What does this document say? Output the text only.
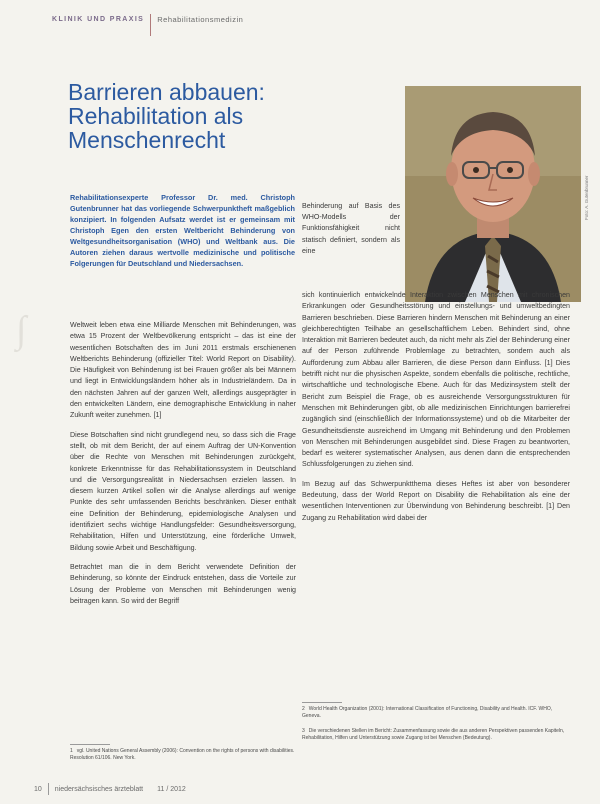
∫
KLINIK UND PRAXIS Rehabilitationsmedizin
Barrieren abbauen:
Rehabilitation als Menschenrecht
Foto: A. Gutenbrunner
Rehabilitationsexperte Professor Dr. med. Christoph Gutenbrunner hat das vorliegende Schwerpunktheft maßgeblich konzipiert. In folgenden Aufsatz werdet ist er gemeinsam mit Christoph Egen den ersten Weltbericht Behinderung von Weltgesundheitsorganisation (WHO) und Weltbank aus. Die Autoren ziehen daraus wertvolle medizinische und politische Folgerungen für Deutschland und Niedersachsen.
Behinderung auf Basis des WHO-Modells der Funktionsfähigkeit nicht statisch definiert, sondern als eine

Weltweit leben etwa eine Milliarde Menschen mit Behinderungen, was etwa 15 Prozent der Weltbevölkerung entspricht – das ist eine der wesentlichen Botschaften des im Juni 2011 erstmals erschienenen Weltberichts Behinderung (offizieller Titel: World Report on Disability). Die Häufigkeit von Behinderung ist bei Frauen größer als bei Männern und liegt in Entwicklungsländern höher als in Industrieländern. Da in den nächsten Jahren auf der ganzen Welt, allerdings ausgeprägter in den entwickelten Ländern, eine demographische Entwicklung in naher Zukunft weiter zunehmen. [1]

Diese Botschaften sind nicht grundlegend neu, so dass sich die Frage stellt, ob mit dem Bericht, der auf einem Auftrag der UN-Konvention über die Rechte von Menschen mit Behinderungen zurückgeht, konkrete Erkenntnisse für das Rehabilitationssystem in Deutschland und die Versorgungsrealität in Niedersachsen erzielen lassen. In diesem kurzen Artikel sollen wir die Analyse allerdings auf wenige Punkte des sehr umfassenden Berichts beschränken. Dieser enthält eine Definition der Behinderung, epidemiologische Analysen und identifiziert sechs wichtige Handlungsfelder: Gesundheitsversorgung, Rehabilitation, Hilfen und Unterstützung, eine förderliche Umwelt, Bildung sowie Arbeit und Beschäftigung.

Betrachtet man die in dem Bericht verwendete Definition der Behinderung, so könnte der Eindruck entstehen, dass die Vorteile zur Lösung der Probleme von Menschen mit Behinderungen wenig beitragen kann. So wird der Begriff

sich kontinuierlich entwickelnde Interaktion zwischen Menschen mit chronischen Erkrankungen oder Gesundheitsstörung und einstellungs- und umweltbedingten Barrieren beschrieben. Diese Barrieren hindern Menschen mit Behinderung an einer gleichberechtigten Teilhabe an gesellschaftlichem Leben. Behindert sind, ohne Interaktion mit Barrieren bedeutet auch, da nicht mehr als Ziel der Behinderung einer auf der Person zuführende Problemlage zu betrachten, sondern auch als Aufforderung zum Abbau aller Barrieren, die diese Person dann Einfluss. [1] Dies betrifft nicht nur die physischen Aspekte, sondern ebenfalls die politische, rechtliche, wirtschaftliche und technologische Ebene. Auch für das Medizinsystem stellt der Bericht zum Beispiel die Frage, ob es ausreichende Versorgungsstrukturen für Menschen mit Behinderungen gibt, ob alle medizinischen Einrichtungen barrierefrei zugänglich sind (einschließlich der Informationssysteme) und ob die Mitarbeiter der Gesundheitsdienste ausreichend im Umgang mit Behinderung und den Problemen von Menschen mit Behinderungen ausgebildet sind. Diese Fragen zu beantworten, bedarf es weiterer systematischer Analysen, aus denen dann die entsprechenden Schlussfolgerungen zu ziehen sind.

Im Bezug auf das Schwerpunktthema dieses Heftes ist aber von besonderer Bedeutung, dass der World Report on Disability die Rehabilitation als eine der wesentlichen Interventionen zur Überwindung von Behinderung beschreibt. [1] Den Zugang zu Rehabilitation wird dabei der

1 vgl. United Nations General Assembly (2006): Convention on the rights of persons with disabilities. Resolution 61/106. New York.
2 World Health Organization (2001): International Classification of Functioning, Disability and Health. ICF. WHO, Geneva.
3 Die verschiedenen Stellen im Bericht: Zusammenfassung sowie die aus anderen Perspektiven passenden Kapiteln, Rehabilitation, Hilfen und Unterstützung sowie Zugang ist bei Menschen (Bedeutung).
10 niedersächsisches ärzteblatt 11 / 2012
